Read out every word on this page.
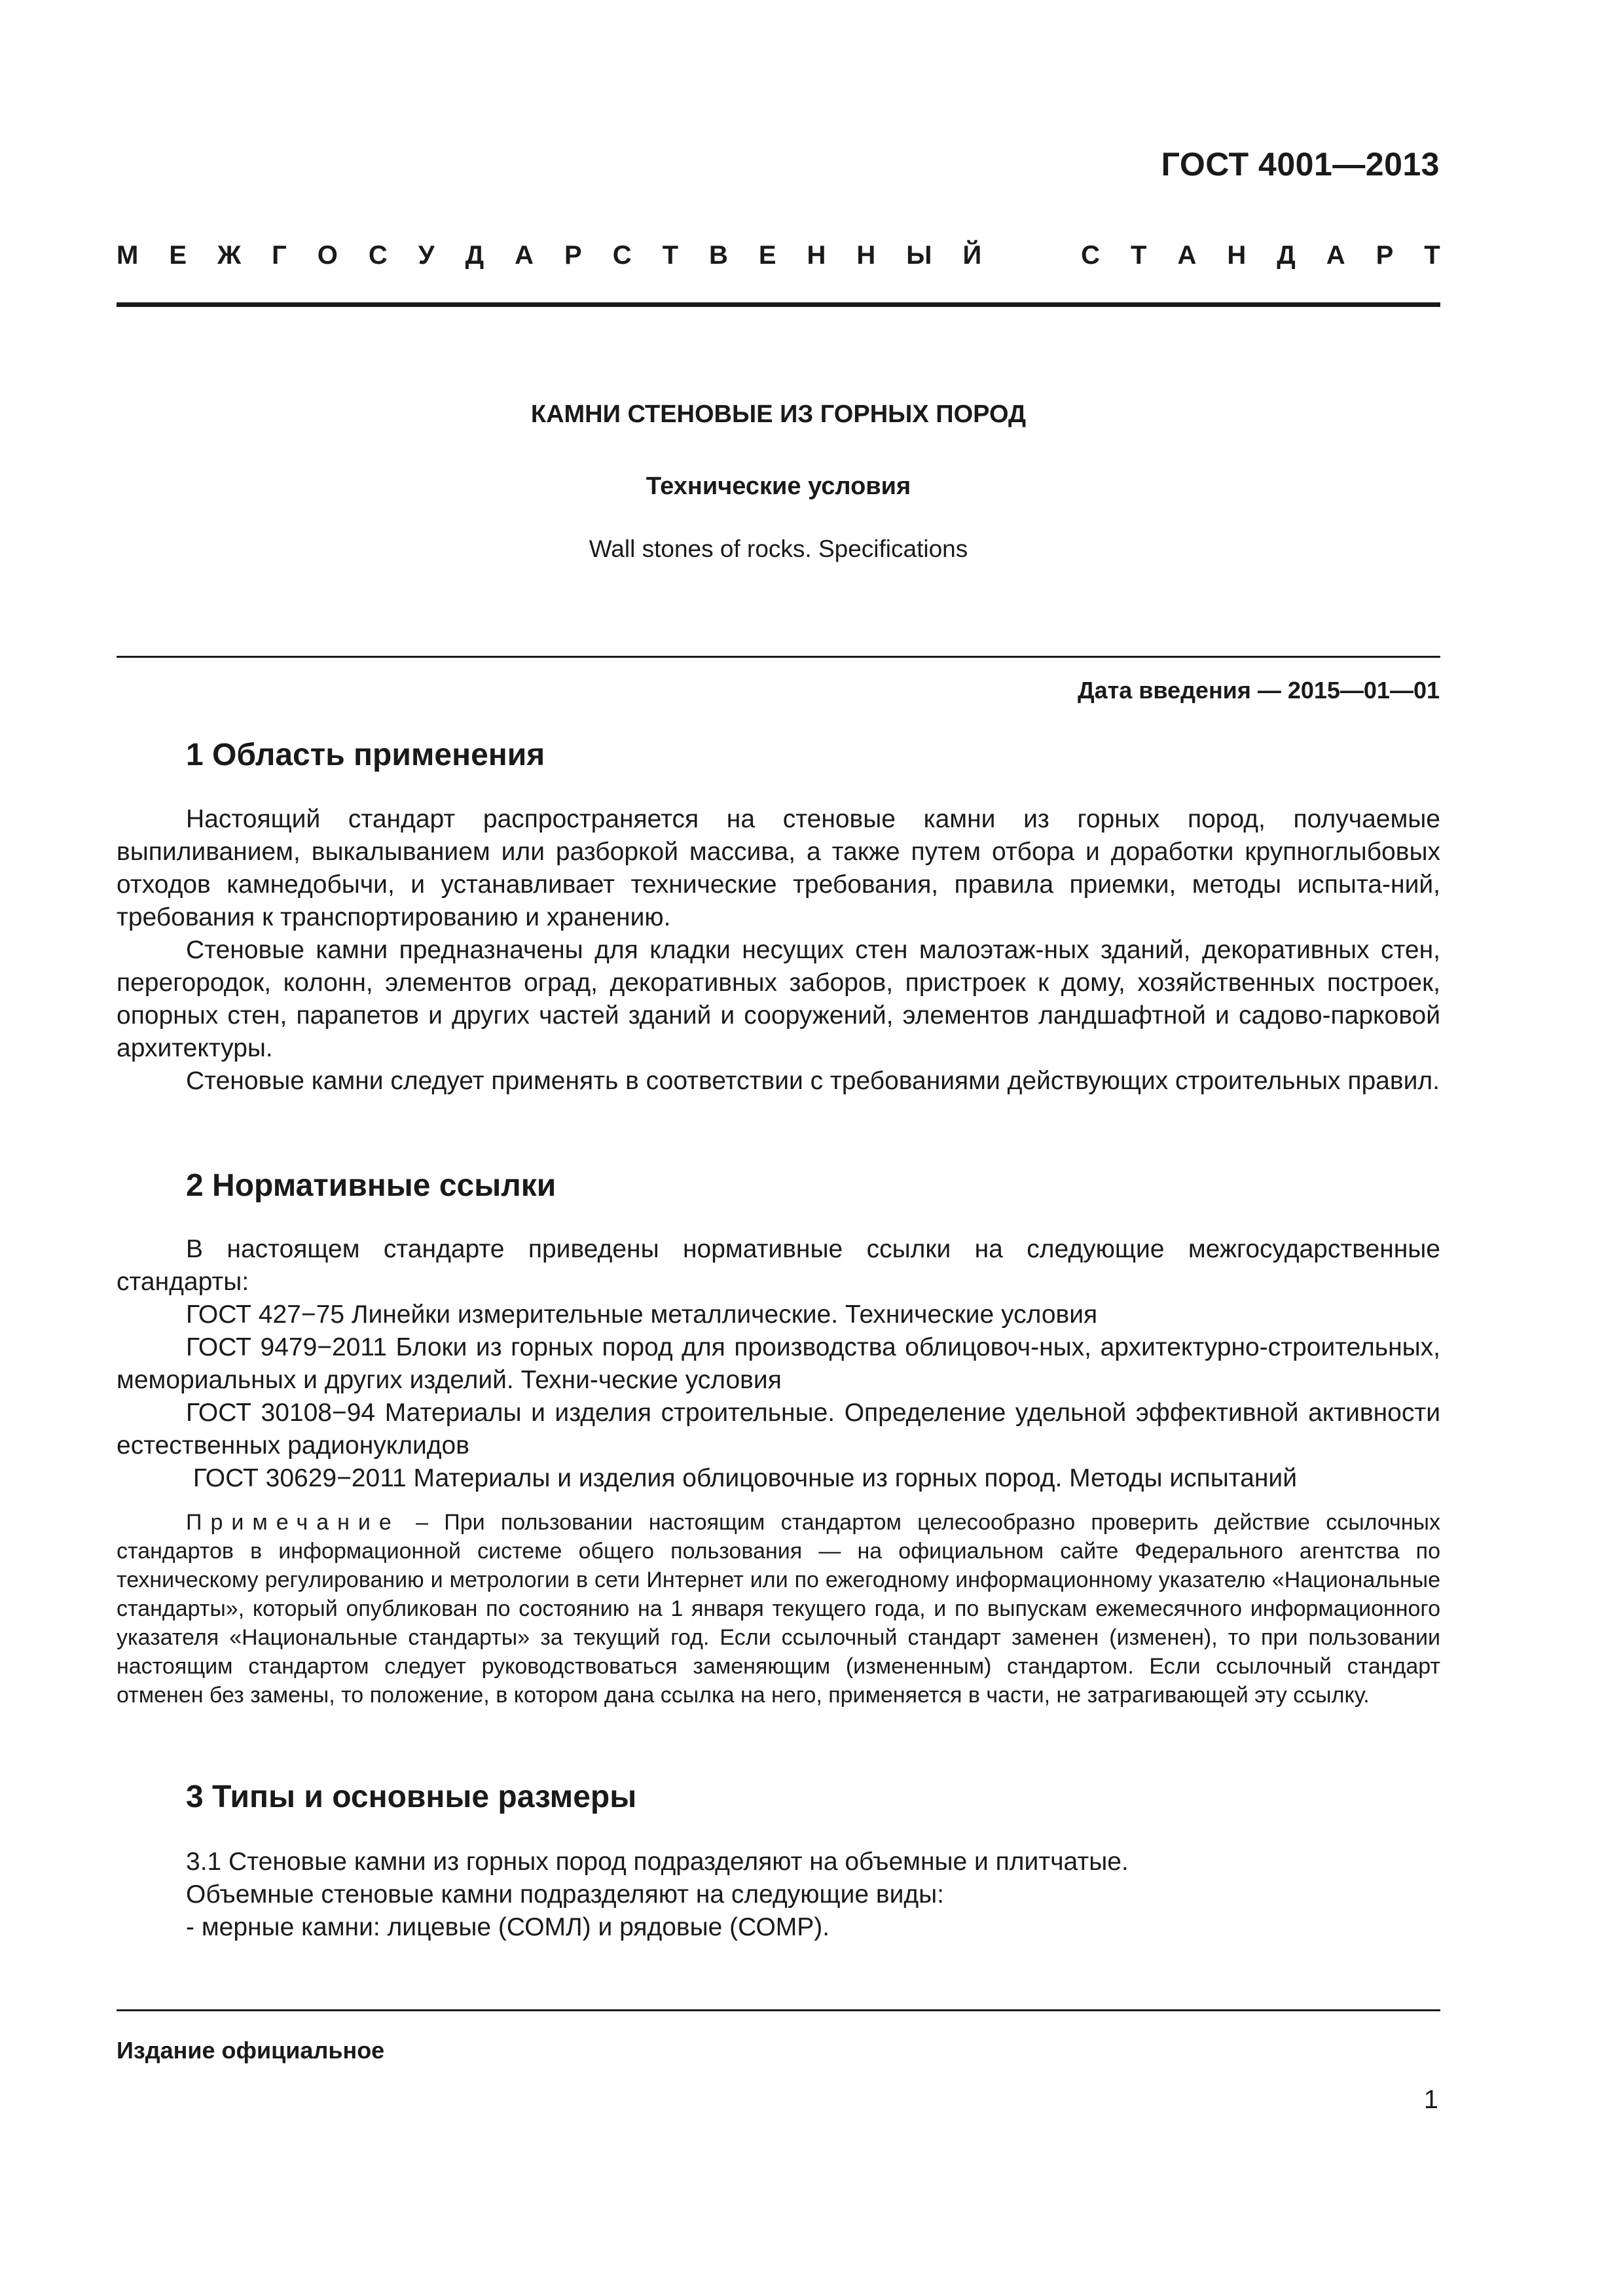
ГОСТ 4001—2013
М Е Ж Г О С У Д А Р С Т В Е Н Н Ы Й	С Т А Н Д А Р Т
КАМНИ СТЕНОВЫЕ ИЗ ГОРНЫХ ПОРОД
Технические условия
Wall stones of rocks. Specifications
Дата введения — 2015—01—01
1 Область применения
Настоящий стандарт распространяется на стеновые камни из горных пород, получаемые выпиливанием, выкалыванием или разборкой массива, а также путем отбора и доработки крупноглыбовых отходов камнедобычи, и устанавливает технические требования, правила приемки, методы испыта-ний, требования к транспортированию и хранению.
Стеновые камни предназначены для кладки несущих стен малоэтаж-ных зданий, декоративных стен, перегородок, колонн, элементов оград, декоративных заборов, пристроек к дому, хозяйственных построек, опорных стен, парапетов и других частей зданий и сооружений, элементов ландшафтной и садово-парковой архитектуры.
Стеновые камни следует применять в соответствии с требованиями действующих строительных правил.
2 Нормативные ссылки
В настоящем стандарте приведены нормативные ссылки на следующие межгосударственные стандарты:
ГОСТ 427−75 Линейки измерительные металлические. Технические условия
ГОСТ 9479−2011 Блоки из горных пород для производства облицовоч-ных, архитектурно-строительных, мемориальных и других изделий. Техни-ческие условия
ГОСТ 30108−94 Материалы и изделия строительные. Определение удельной эффективной активности естественных радионуклидов
ГОСТ 30629−2011 Материалы и изделия облицовочные из горных пород. Методы испытаний
Примечание – При пользовании настоящим стандартом целесообразно проверить действие ссылочных стандартов в информационной системе общего пользования — на официальном сайте Федерального агентства по техническому регулированию и метрологии в сети Интернет или по ежегодному информационному указателю «Национальные стандарты», который опубликован по состоянию на 1 января текущего года, и по выпускам ежемесячного информационного указателя «Национальные стандарты» за текущий год. Если ссылочный стандарт заменен (изменен), то при пользовании настоящим стандартом следует руководствоваться заменяющим (измененным) стандартом. Если ссылочный стандарт отменен без замены, то положение, в котором дана ссылка на него, применяется в части, не затрагивающей эту ссылку.
3 Типы и основные размеры
3.1 Стеновые камни из горных пород подразделяют на объемные и плитчатые.
Объемные стеновые камни подразделяют на следующие виды:
- мерные камни: лицевые (СОМЛ) и рядовые (СОМР).
Издание официальное
1
